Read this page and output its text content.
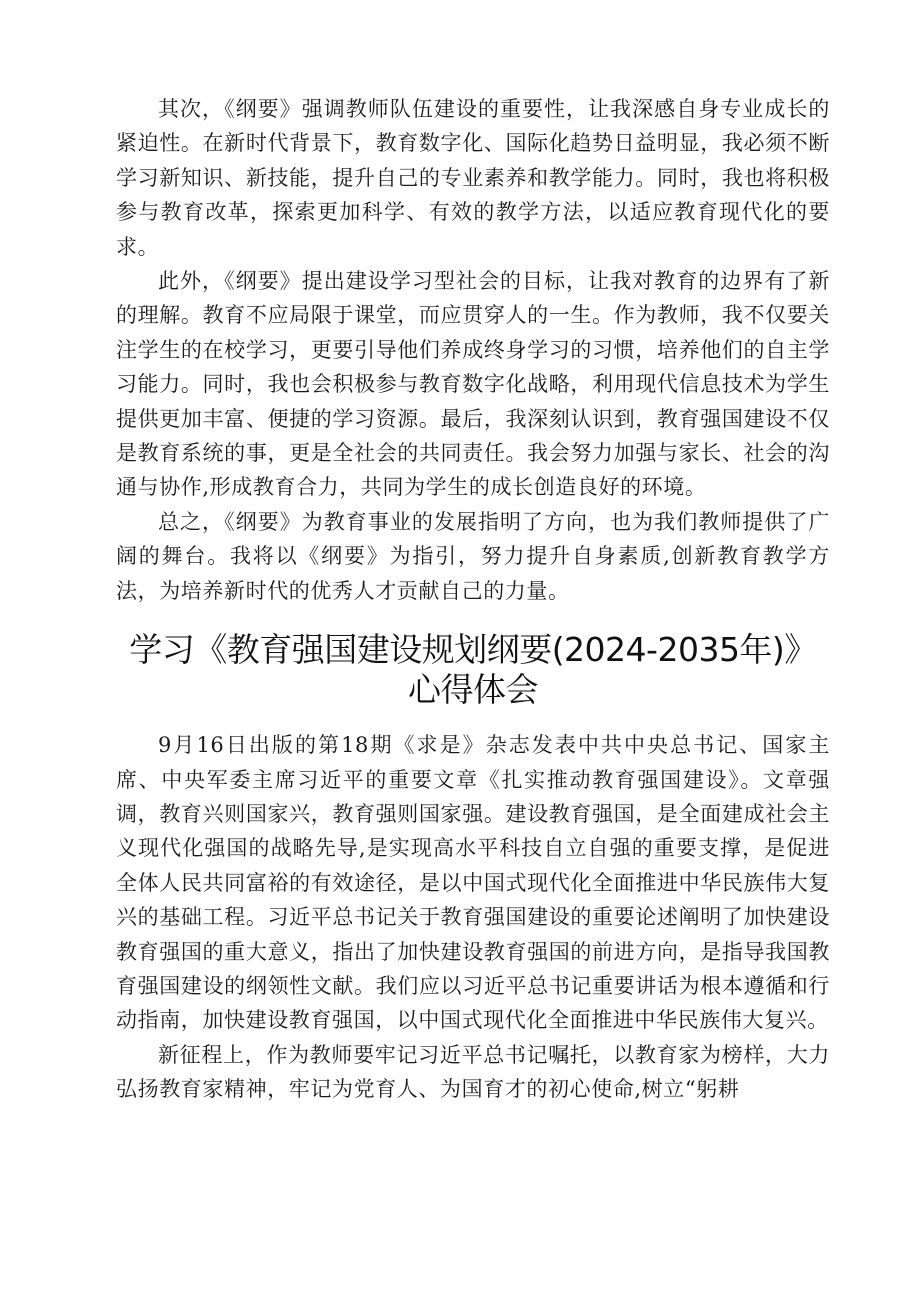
其次，《纲要》强调教师队伍建设的重要性，让我深感自身专业成长的紧迫性。在新时代背景下，教育数字化、国际化趋势日益明显，我必须不断学习新知识、新技能，提升自己的专业素养和教学能力。同时，我也将积极参与教育改革，探索更加科学、有效的教学方法，以适应教育现代化的要求。

此外，《纲要》提出建设学习型社会的目标，让我对教育的边界有了新的理解。教育不应局限于课堂，而应贯穿人的一生。作为教师，我不仅要关注学生的在校学习，更要引导他们养成终身学习的习惯，培养他们的自主学习能力。同时，我也会积极参与教育数字化战略，利用现代信息技术为学生提供更加丰富、便捷的学习资源。最后，我深刻认识到，教育强国建设不仅是教育系统的事，更是全社会的共同责任。我会努力加强与家长、社会的沟通与协作,形成教育合力，共同为学生的成长创造良好的环境。

总之，《纲要》为教育事业的发展指明了方向，也为我们教师提供了广阔的舞台。我将以《纲要》为指引，努力提升自身素质,创新教育教学方法，为培养新时代的优秀人才贡献自己的力量。

学习《教育强国建设规划纲要(2024-2035年)》心得体会

9月16日出版的第18期《求是》杂志发表中共中央总书记、国家主席、中央军委主席习近平的重要文章《扎实推动教育强国建设》。文章强调，教育兴则国家兴，教育强则国家强。建设教育强国，是全面建成社会主义现代化强国的战略先导,是实现高水平科技自立自强的重要支撑，是促进全体人民共同富裕的有效途径，是以中国式现代化全面推进中华民族伟大复兴的基础工程。习近平总书记关于教育强国建设的重要论述阐明了加快建设教育强国的重大意义，指出了加快建设教育强国的前进方向，是指导我国教育强国建设的纲领性文献。我们应以习近平总书记重要讲话为根本遵循和行动指南，加快建设教育强国，以中国式现代化全面推进中华民族伟大复兴。

新征程上，作为教师要牢记习近平总书记嘱托，以教育家为榜样，大力弘扬教育家精神，牢记为党育人、为国育才的初心使命,树立“躬耕
